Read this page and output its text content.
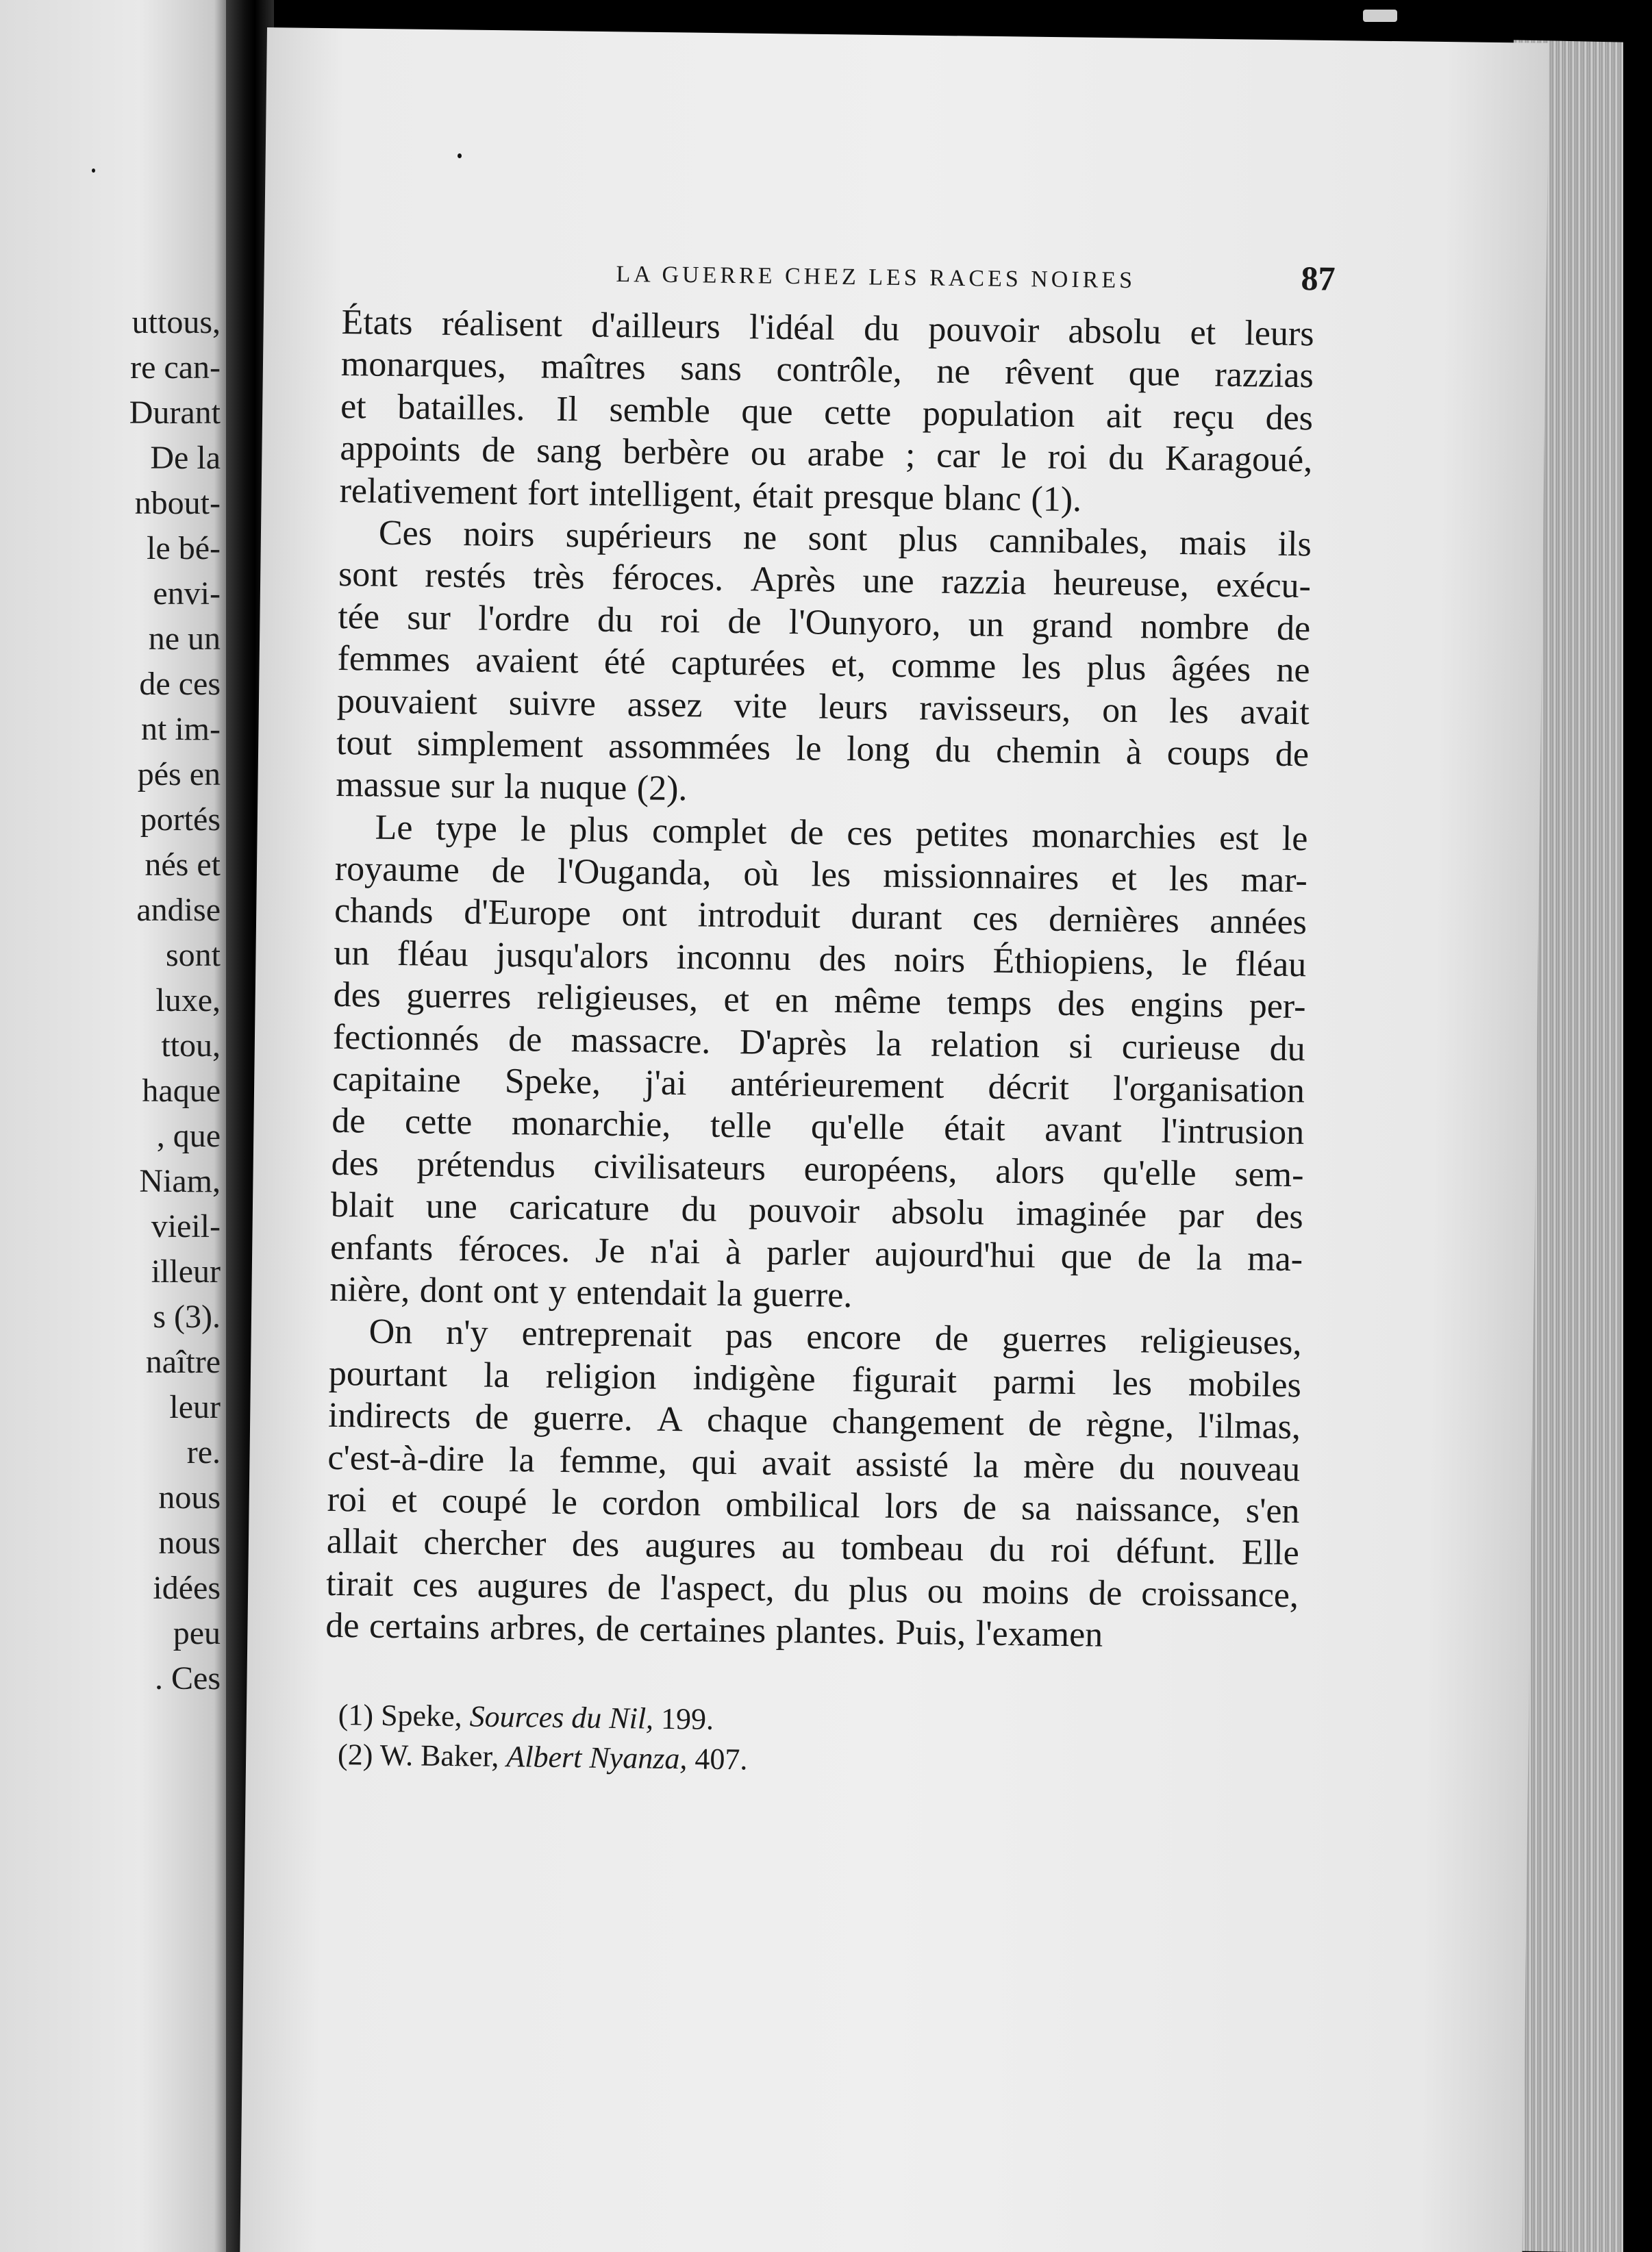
uttous,
re can-
Durant
De la
nbout-
le bé-
envi-
ne un
de ces
nt im-
pés en
portés
nés et
andise
sont
luxe,
ttou,
haque
, que
Niam,
vieil-
illeur
s (3).
naître
leur
re.
nous
nous
idées
peu
. Ces
LA GUERRE CHEZ LES RACES NOIRES	87
États réalisent d'ailleurs l'idéal du pouvoir absolu et leurs
monarques, maîtres sans contrôle, ne rêvent que razzias
et batailles. Il semble que cette population ait reçu des
appoints de sang berbère ou arabe ; car le roi du Karagoué,
relativement fort intelligent, était presque blanc (1).
Ces noirs supérieurs ne sont plus cannibales, mais ils
sont restés très féroces. Après une razzia heureuse, exécu-
tée sur l'ordre du roi de l'Ounyoro, un grand nombre de
femmes avaient été capturées et, comme les plus âgées ne
pouvaient suivre assez vite leurs ravisseurs, on les avait
tout simplement assommées le long du chemin à coups de
massue sur la nuque (2).
Le type le plus complet de ces petites monarchies est le
royaume de l'Ouganda, où les missionnaires et les mar-
chands d'Europe ont introduit durant ces dernières années
un fléau jusqu'alors inconnu des noirs Éthiopiens, le fléau
des guerres religieuses, et en même temps des engins per-
fectionnés de massacre. D'après la relation si curieuse du
capitaine Speke, j'ai antérieurement décrit l'organisation
de cette monarchie, telle qu'elle était avant l'intrusion
des prétendus civilisateurs européens, alors qu'elle sem-
blait une caricature du pouvoir absolu imaginée par des
enfants féroces. Je n'ai à parler aujourd'hui que de la ma-
nière, dont ont y entendait la guerre.
On n'y entreprenait pas encore de guerres religieuses,
pourtant la religion indigène figurait parmi les mobiles
indirects de guerre. A chaque changement de règne, l'ilmas,
c'est-à-dire la femme, qui avait assisté la mère du nouveau
roi et coupé le cordon ombilical lors de sa naissance, s'en
allait chercher des augures au tombeau du roi défunt. Elle
tirait ces augures de l'aspect, du plus ou moins de croissance,
de certains arbres, de certaines plantes. Puis, l'examen
(1) Speke, Sources du Nil, 199.
(2) W. Baker, Albert Nyanza, 407.
